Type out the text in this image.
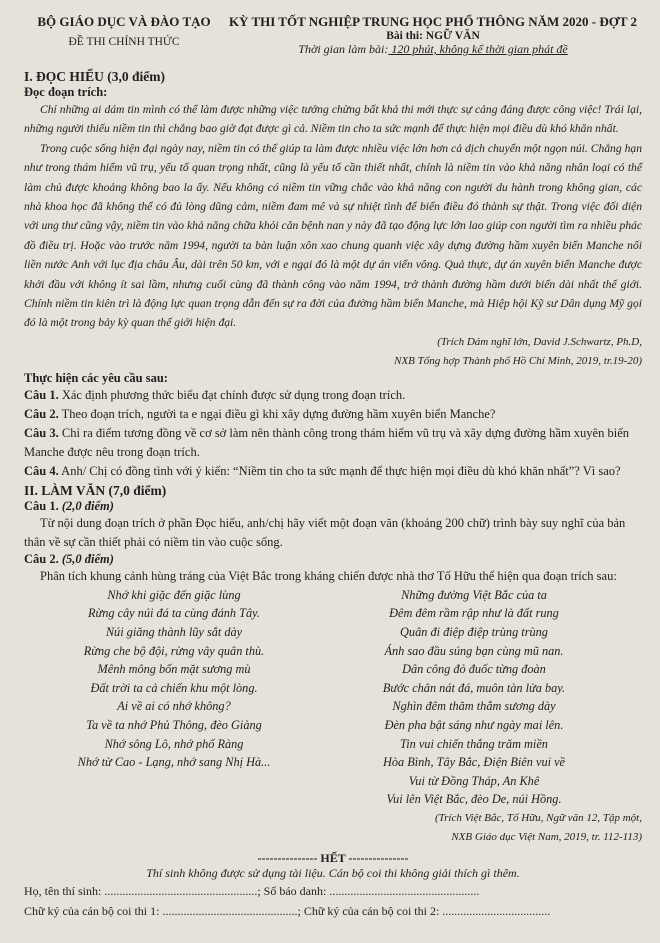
BỘ GIÁO DỤC VÀ ĐÀO TẠO
ĐỀ THI CHÍNH THỨC
KỲ THI TỐT NGHIỆP TRUNG HỌC PHỔ THÔNG NĂM 2020 - ĐỢT 2
Bài thi: NGỮ VĂN
Thời gian làm bài: 120 phút, không kể thời gian phát đề
I. ĐỌC HIỂU (3,0 điểm)
Đọc đoạn trích:

Chỉ những ai dám tin mình có thể làm được những việc tưởng chừng bất khả thi mới thực sự cảng đáng được công việc! Trái lại, những người thiếu niềm tin thì chẳng bao giờ đạt được gì cả. Niềm tin cho ta sức mạnh để thực hiện mọi điều dù khó khăn nhất.

Trong cuộc sống hiện đại ngày nay, niềm tin có thể giúp ta làm được nhiều việc lớn hơn cả dịch chuyển một ngọn núi. Chẳng hạn như trong thám hiểm vũ trụ, yếu tố quan trọng nhất, cũng là yếu tố cần thiết nhất, chính là niềm tin vào khả năng nhân loại có thể làm chủ được khoảng không bao la ấy. Nếu không có niềm tin vững chắc vào khả năng con người du hành trong không gian, các nhà khoa học đã không thể có đủ lòng dũng cảm, niềm đam mê và sự nhiệt tình để biến điều đó thành sự thật. Trong việc đối diện với ung thư cũng vậy, niềm tin vào khả năng chữa khỏi căn bệnh nan y này đã tạo động lực lớn lao giúp con người tìm ra nhiều phác đồ điều trị. Hoặc vào trước năm 1994, người ta bàn luận xôn xao chung quanh việc xây dựng đường hầm xuyên biển Manche nối liền nước Anh với lục địa châu Âu, dài trên 50 km, với e ngại đó là một dự án viển vông. Quả thực, dự án xuyên biển Manche được khởi đầu với không ít sai lầm, nhưng cuối cùng đã thành công vào năm 1994, trở thành đường hầm dưới biển dài nhất thế giới. Chính niềm tin kiên trì là động lực quan trọng dẫn đến sự ra đời của đường hầm biển Manche, mà Hiệp hội Kỹ sư Dân dụng Mỹ gọi đó là một trong bảy kỳ quan thế giới hiện đại.

(Trích Dám nghĩ lớn, David J.Schwartz, Ph.D,
NXB Tổng hợp Thành phố Hồ Chí Minh, 2019, tr.19-20)
Thực hiện các yêu cầu sau:

Câu 1. Xác định phương thức biểu đạt chính được sử dụng trong đoạn trích.

Câu 2. Theo đoạn trích, người ta e ngại điều gì khi xây dựng đường hầm xuyên biển Manche?

Câu 3. Chỉ ra điểm tương đồng về cơ sở làm nên thành công trong thám hiểm vũ trụ và xây dựng đường hầm xuyên biển Manche được nêu trong đoạn trích.

Câu 4. Anh/ Chị có đồng tình với ý kiến: “Niềm tin cho ta sức mạnh để thực hiện mọi điều dù khó khăn nhất”? Vì sao?

II. LÀM VĂN (7,0 điểm)
Câu 1. (2,0 điểm)

Từ nội dung đoạn trích ở phần Đọc hiểu, anh/chị hãy viết một đoạn văn (khoảng 200 chữ) trình bày suy nghĩ của bản thân về sự cần thiết phải có niềm tin vào cuộc sống.

Câu 2. (5,0 điểm)

Phân tích khung cảnh hùng tráng của Việt Bắc trong kháng chiến được nhà thơ Tố Hữu thể hiện qua đoạn trích sau:

Nhớ khi giặc đến giặc lùng
Rừng cây núi đá ta cùng đánh Tây.
Núi giăng thành lũy sắt dày
Rừng che bộ đội, rừng vây quân thù.
Mênh mông bốn mặt sương mù
Đất trời ta cả chiến khu một lòng.
Ai về ai có nhớ không?
Ta về ta nhớ Phủ Thông, đèo Giàng
Nhớ sông Lô, nhớ phố Ràng
Nhớ từ Cao - Lạng, nhớ sang Nhị Hà...
Những đường Việt Bắc của ta
Đêm đêm rầm rập như là đất rung
Quân đi điệp điệp trùng trùng
Ánh sao đầu súng bạn cùng mũ nan.
Dân công đỏ đuốc từng đoàn
Bước chân nát đá, muôn tàn lửa bay.
Nghìn đêm thăm thẳm sương dày
Đèn pha bật sáng như ngày mai lên.
Tin vui chiến thắng trăm miền
Hòa Bình, Tây Bắc, Điện Biên vui về
Vui từ Đồng Tháp, An Khê
Vui lên Việt Bắc, đèo De, núi Hồng.
(Trích Việt Bắc, Tố Hữu, Ngữ văn 12, Tập một,
NXB Giáo dục Việt Nam, 2019, tr. 112-113)
--------------- HẾT ---------------
Thí sinh không được sử dụng tài liệu. Cán bộ coi thi không giải thích gì thêm.
Họ, tên thí sinh: ...................................................; Số báo danh: ..................................................
Chữ ký của cán bộ coi thi 1: .............................................; Chữ ký của cán bộ coi thi 2: ....................................
